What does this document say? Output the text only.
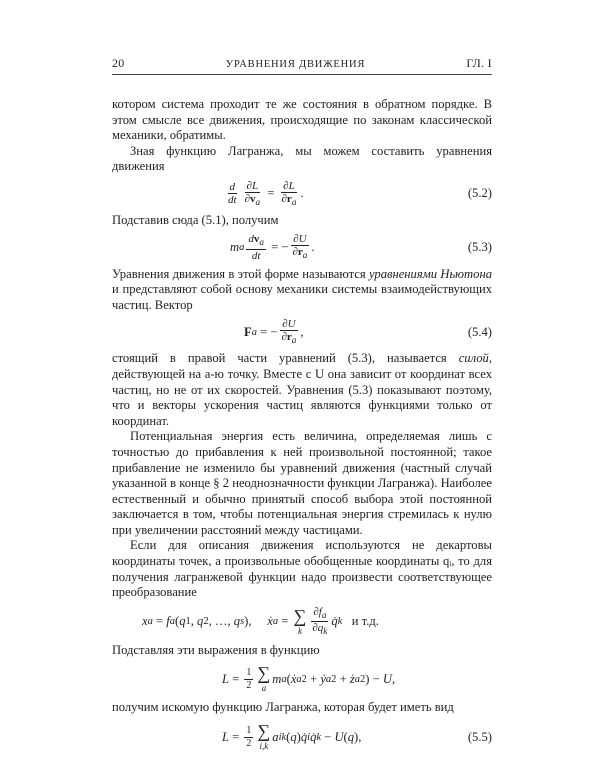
20	УРАВНЕНИЯ ДВИЖЕНИЯ	ГЛ. I

котором система проходит те же состояния в обратном порядке. В этом смысле все движения, происходящие по законам классической механики, обратимы.

Зная функцию Лагранжа, мы можем составить уравнения движения

$\frac{d}{dt} \frac{\partial L}{\partial v_a} = \frac{\partial L}{\partial r_a}$ .	(5.2)

Подставив сюда (5.1), получим

m a $\frac{dv_a}{dt}$ = − $\frac{\partial U}{\partial r_a}$ .	(5.3)

Уравнения движения в этой форме называются уравнениями Ньютона и представляют собой основу механики системы взаимодействующих частиц. Вектор

F a = − $\frac{\partial U}{\partial r_a}$ ,	(5.4)

стоящий в правой части уравнений (5.3), называется силой, действующей на a-ю точку. Вместе с U она зависит от координат всех частиц, но не от их скоростей. Уравнения (5.3) показывают поэтому, что и векторы ускорения частиц являются функциями только от координат.

Потенциальная энергия есть величина, определяемая лишь с точностью до прибавления к ней произвольной постоянной; такое прибавление не изменило бы уравнений движения (частный случай указанной в конце § 2 неоднозначности функции Лагранжа). Наиболее естественный и обычно принятый способ выбора этой постоянной заключается в том, чтобы потенциальная энергия стремилась к нулю при увеличении расстояний между частицами.

Если для описания движения используются не декартовы координаты точек, а произвольные обобщенные координаты qᵢ, то для получения лагранжевой функции надо произвести соответствующее преобразование

x a = f a ( q 1 , q 2 , …, q s ), ẋ a = ∑
k $\frac{\partial f_a}{\partial q_k}$ q̇ k
и т.д.

Подставляя эти выражения в функцию

$L = \frac{1}{2}$ ∑
a
m a ( ẋ a 2 + ẏ a 2 + ż a 2 ) − U ,

получим искомую функцию Лагранжа, которая будет иметь вид

$L = \frac{1}{2}$ ∑
i,k
a ik ( q ) q̇ i q̇ k − U ( q ),	(5.5)
